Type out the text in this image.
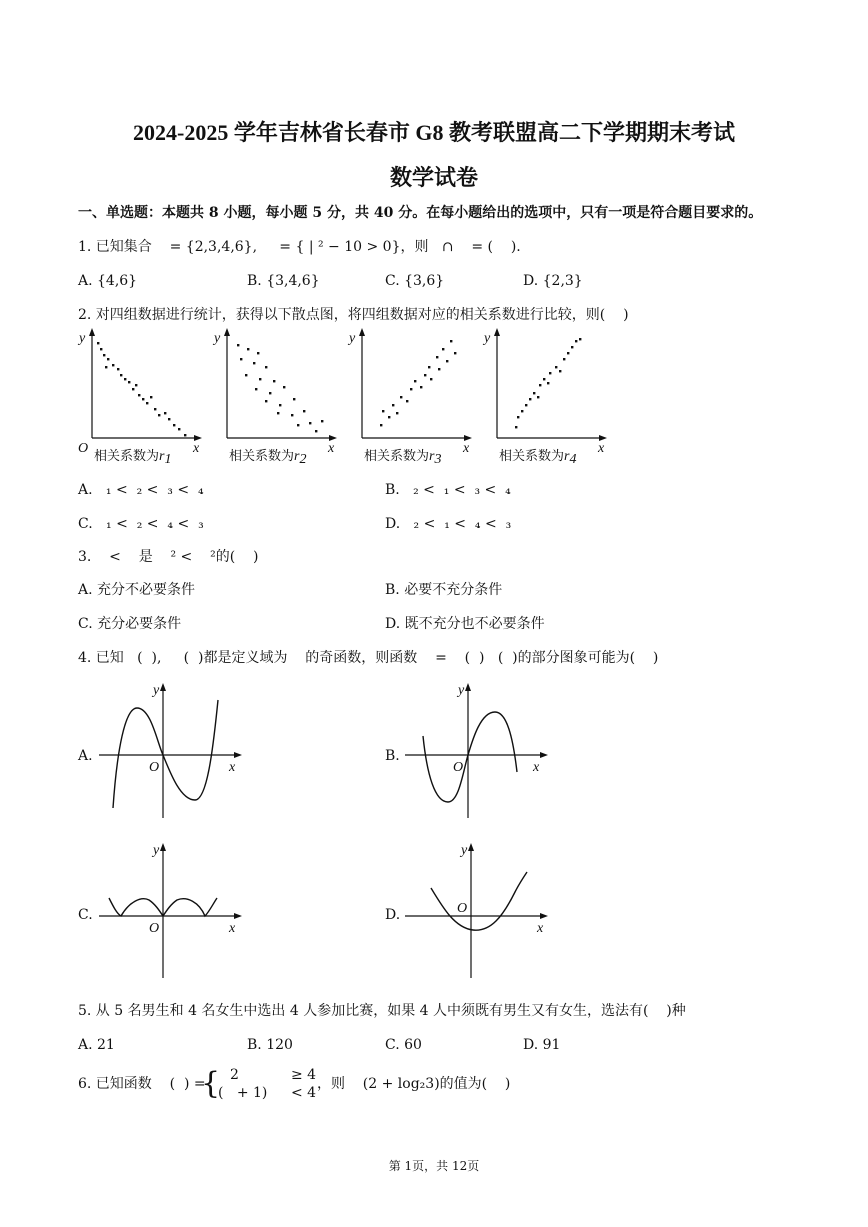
2024-2025 学年吉林省长春市 G8 教考联盟高二下学期期末考试
数学试卷
一、单选题：本题共 8 小题，每小题 5 分，共 40 分。在每小题给出的选项中，只有一项是符合题目要求的。
1. 已知集合    = {2,3,4,6},     = { | ² − 10 > 0}，则   ∩    = (    ).
A. {4,6}	B. {3,4,6}	C. {3,6}	D. {2,3}
2. 对四组数据进行统计，获得以下散点图，将四组数据对应的相关系数进行比较，则(    )
y
O	x
相关系数为r1
y
x
相关系数为r2
y
x
相关系数为r3
y
x
相关系数为r4
A.   ₁ <  ₂ <  ₃ <  ₄	B.   ₂ <  ₁ <  ₃ <  ₄
C.   ₁ <  ₂ <  ₄ <  ₃	D.   ₂ <  ₁ <  ₄ <  ₃
3.    <    是    ² <    ²的(    )
A. 充分不必要条件	B. 必要不充分条件
C. 充分必要条件	D. 既不充分也不必要条件
4. 已知   (  ),     (  )都是定义域为    的奇函数，则函数    =    (  )   (  )的部分图象可能为(    )
A.	B.
C.	D.
y
O	x
y
O	x
y
O	x
y
O
x
5. 从 5 名男生和 4 名女生中选出 4 人参加比赛，如果 4 人中须既有男生又有女生，选法有(    )种
A. 21	B. 120	C. 60	D. 91
6. 已知函数    (  ) =
{ 2	≥ 4
(   + 1) < 4
，则    (2 + log₂3)的值为(    )
第 1页，共 12页
